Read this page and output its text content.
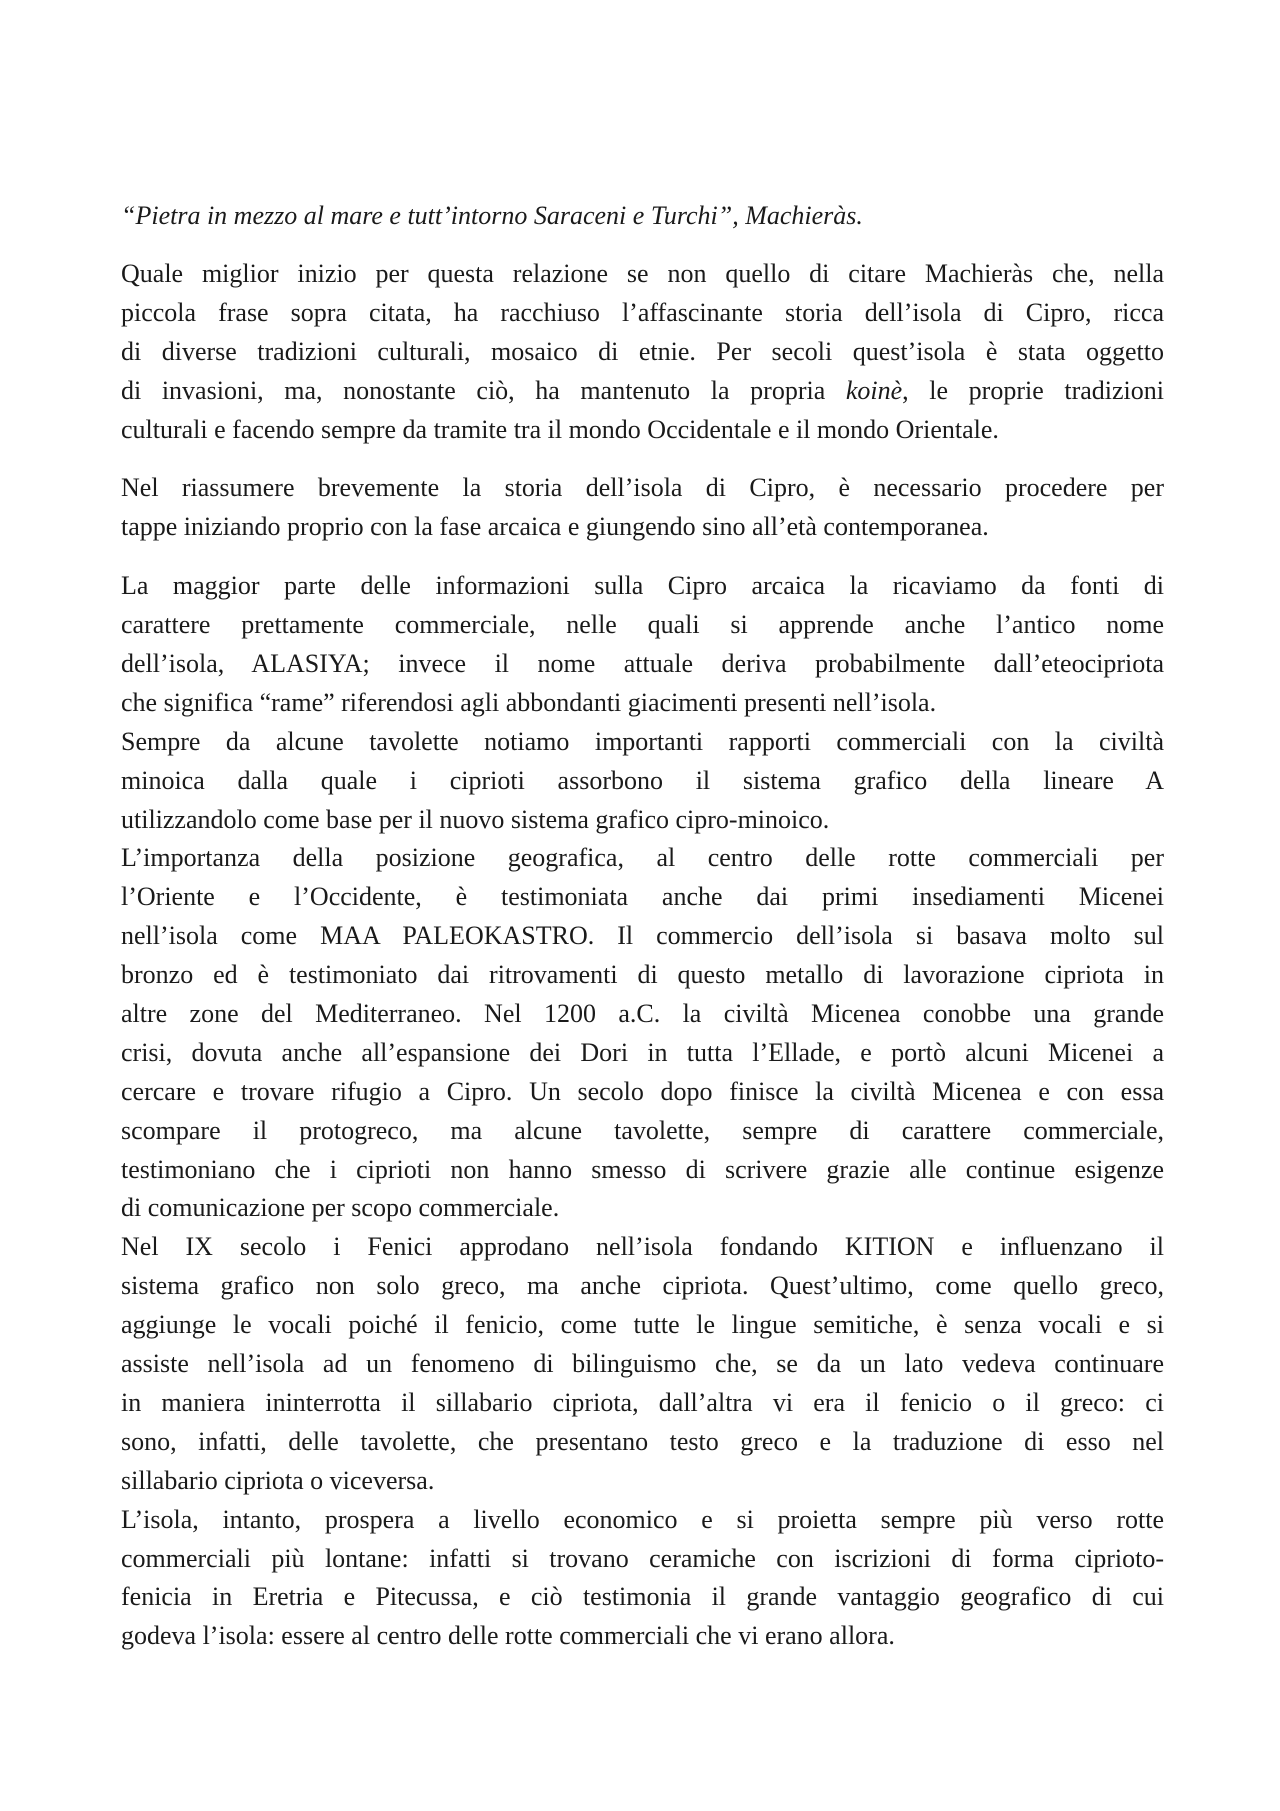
“Pietra in mezzo al mare e tutt’intorno Saraceni e Turchi”, Machieràs.
Quale miglior inizio per questa relazione se non quello di citare Machieràs che, nella
piccola frase sopra citata, ha racchiuso l’affascinante storia dell’isola di Cipro, ricca
di diverse tradizioni culturali, mosaico di etnie. Per secoli quest’isola è stata oggetto
di invasioni, ma, nonostante ciò, ha mantenuto la propria koinè, le proprie tradizioni
culturali e facendo sempre da tramite tra il mondo Occidentale e il mondo Orientale.
Nel riassumere brevemente la storia dell’isola di Cipro, è necessario procedere per
tappe iniziando proprio con la fase arcaica e giungendo sino all’età contemporanea.
La maggior parte delle informazioni sulla Cipro arcaica la ricaviamo da fonti di
carattere prettamente commerciale, nelle quali si apprende anche l’antico nome
dell’isola, ALASIYA; invece il nome attuale deriva probabilmente dall’eteocipriota
che significa “rame” riferendosi agli abbondanti giacimenti presenti nell’isola.
Sempre da alcune tavolette notiamo importanti rapporti commerciali con la civiltà
minoica dalla quale i ciprioti assorbono il sistema grafico della lineare A
utilizzandolo come base per il nuovo sistema grafico cipro-minoico.
L’importanza della posizione geografica, al centro delle rotte commerciali per
l’Oriente e l’Occidente, è testimoniata anche dai primi insediamenti Micenei
nell’isola come MAA PALEOKASTRO. Il commercio dell’isola si basava molto sul
bronzo ed è testimoniato dai ritrovamenti di questo metallo di lavorazione cipriota in
altre zone del Mediterraneo. Nel 1200 a.C. la civiltà Micenea conobbe una grande
crisi, dovuta anche all’espansione dei Dori in tutta l’Ellade, e portò alcuni Micenei a
cercare e trovare rifugio a Cipro. Un secolo dopo finisce la civiltà Micenea e con essa
scompare il protogreco, ma alcune tavolette, sempre di carattere commerciale,
testimoniano che i ciprioti non hanno smesso di scrivere grazie alle continue esigenze
di comunicazione per scopo commerciale.
Nel IX secolo i Fenici approdano nell’isola fondando KITION e influenzano il
sistema grafico non solo greco, ma anche cipriota. Quest’ultimo, come quello greco,
aggiunge le vocali poiché il fenicio, come tutte le lingue semitiche, è senza vocali e si
assiste nell’isola ad un fenomeno di bilinguismo che, se da un lato vedeva continuare
in maniera ininterrotta il sillabario cipriota, dall’altra vi era il fenicio o il greco: ci
sono, infatti, delle tavolette, che presentano testo greco e la traduzione di esso nel
sillabario cipriota o viceversa.
L’isola, intanto, prospera a livello economico e si proietta sempre più verso rotte
commerciali più lontane: infatti si trovano ceramiche con iscrizioni di forma ciprioto-
fenicia in Eretria e Pitecussa, e ciò testimonia il grande vantaggio geografico di cui
godeva l’isola: essere al centro delle rotte commerciali che vi erano allora.
